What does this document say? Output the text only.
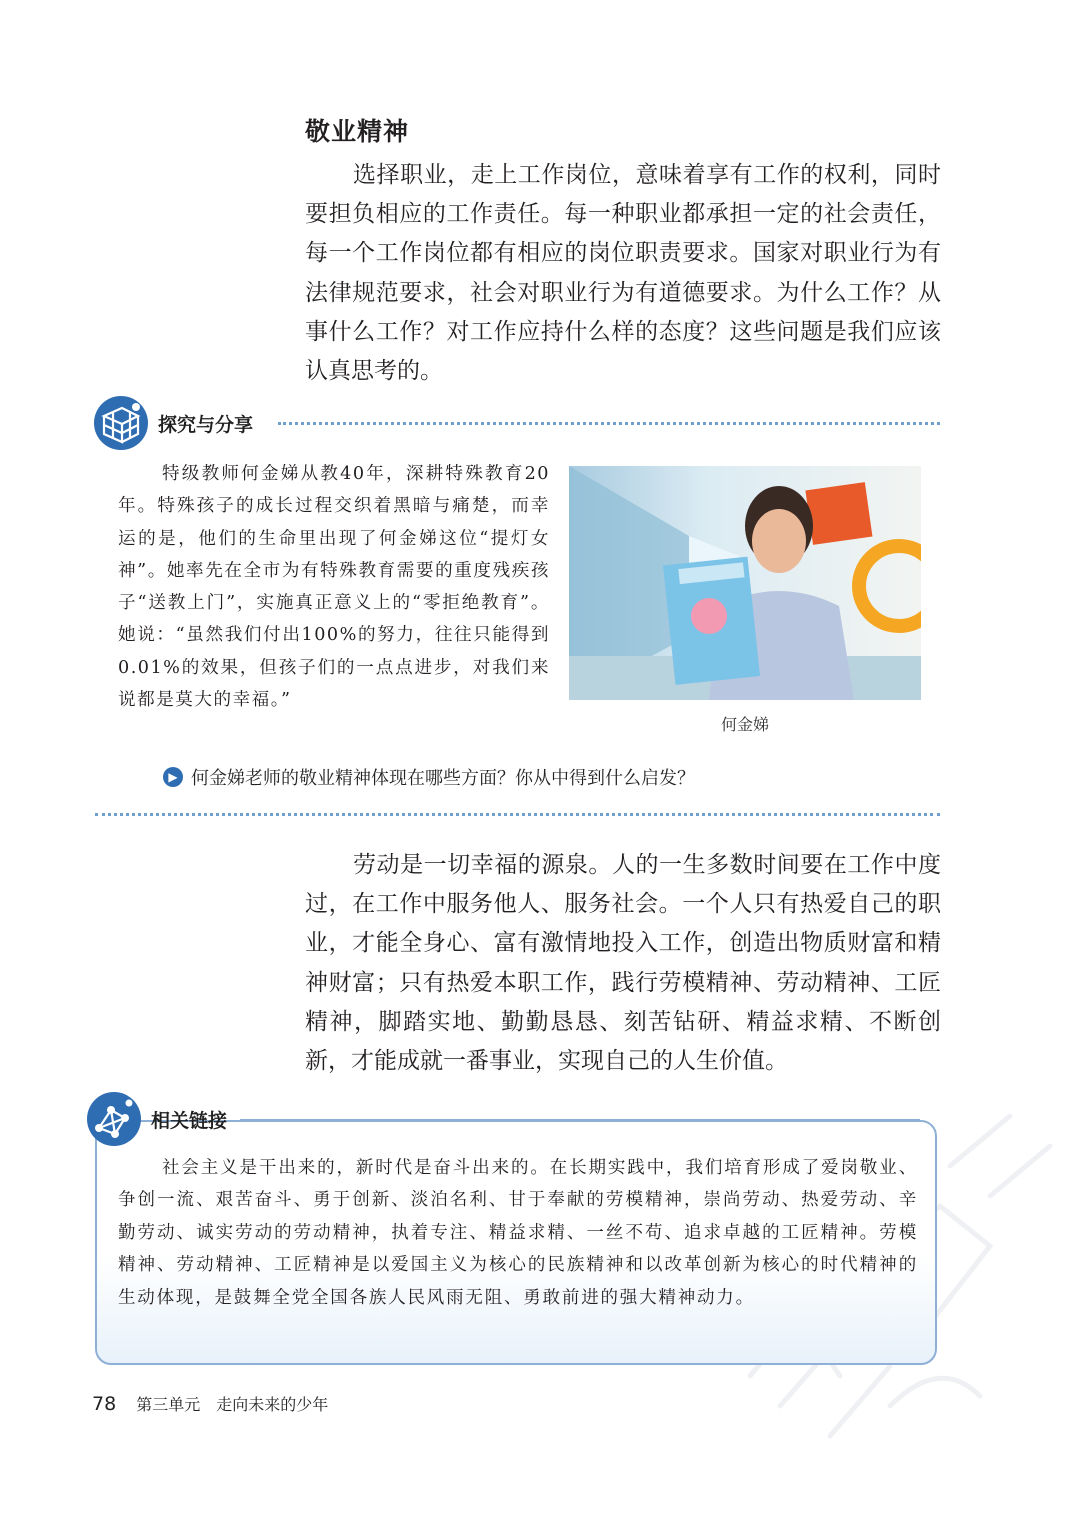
敬业精神
选择职业，走上工作岗位，意味着享有工作的权利，同时要担负相应的工作责任。每一种职业都承担一定的社会责任，每一个工作岗位都有相应的岗位职责要求。国家对职业行为有法律规范要求，社会对职业行为有道德要求。为什么工作？从事什么工作？对工作应持什么样的态度？这些问题是我们应该认真思考的。
探究与分享
特级教师何金娣从教40年，深耕特殊教育20年。特殊孩子的成长过程交织着黑暗与痛楚，而幸运的是，他们的生命里出现了何金娣这位“提灯女神”。她率先在全市为有特殊教育需要的重度残疾孩子“送教上门”，实施真正意义上的“零拒绝教育”。她说：“虽然我们付出100%的努力，往往只能得到0.01%的效果，但孩子们的一点点进步，对我们来说都是莫大的幸福。”
何金娣
▶ 何金娣老师的敬业精神体现在哪些方面？你从中得到什么启发？
劳动是一切幸福的源泉。人的一生多数时间要在工作中度过，在工作中服务他人、服务社会。一个人只有热爱自己的职业，才能全身心、富有激情地投入工作，创造出物质财富和精神财富；只有热爱本职工作，践行劳模精神、劳动精神、工匠精神，脚踏实地、勤勤恳恳、刻苦钻研、精益求精、不断创新，才能成就一番事业，实现自己的人生价值。
相关链接
社会主义是干出来的，新时代是奋斗出来的。在长期实践中，我们培育形成了爱岗敬业、争创一流、艰苦奋斗、勇于创新、淡泊名利、甘于奉献的劳模精神，崇尚劳动、热爱劳动、辛勤劳动、诚实劳动的劳动精神，执着专注、精益求精、一丝不苟、追求卓越的工匠精神。劳模精神、劳动精神、工匠精神是以爱国主义为核心的民族精神和以改革创新为核心的时代精神的生动体现，是鼓舞全党全国各族人民风雨无阻、勇敢前进的强大精神动力。
78 第三单元 走向未来的少年
